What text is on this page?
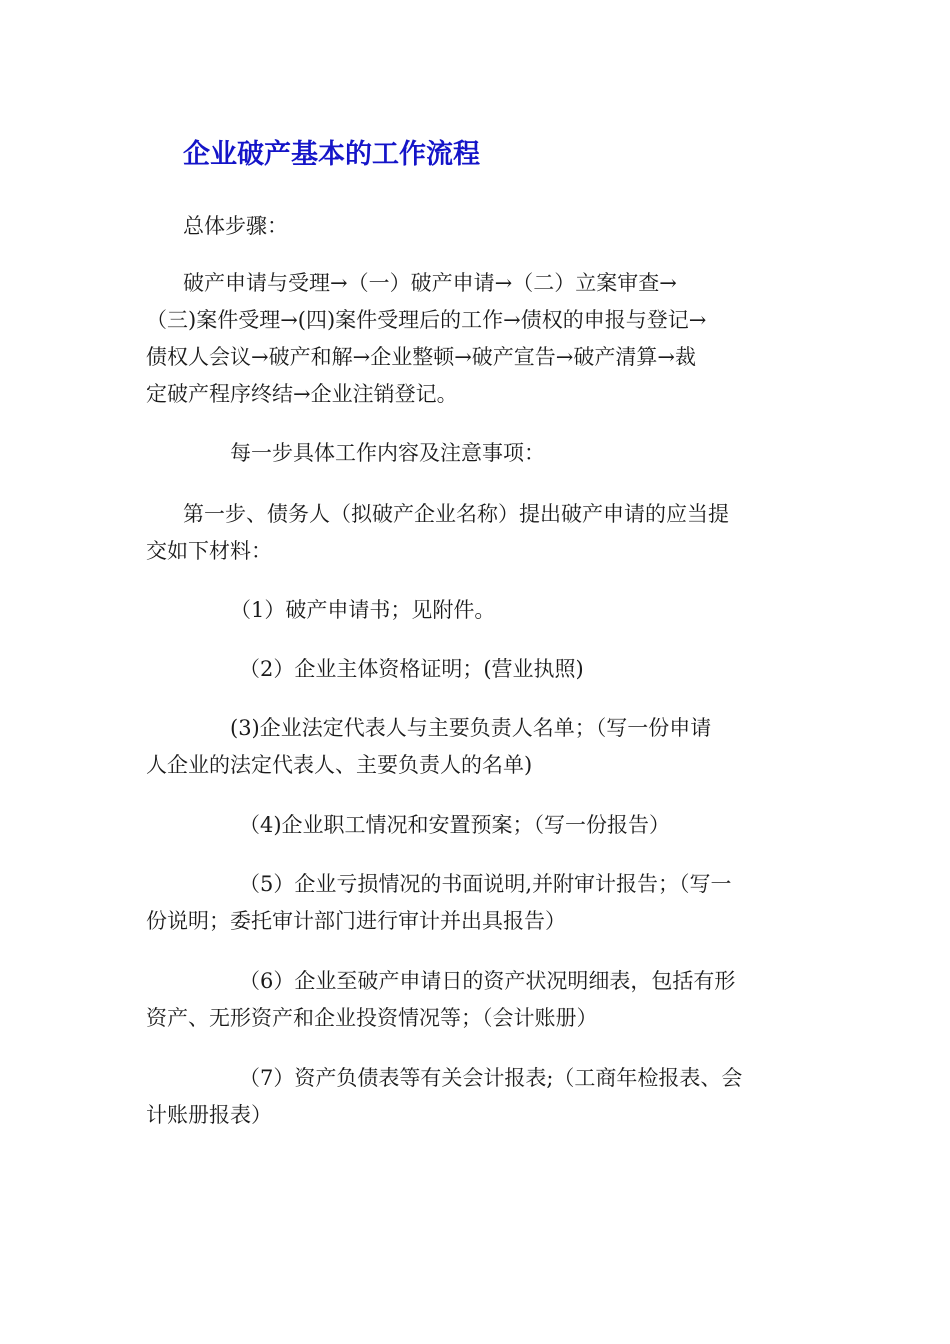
企业破产基本的工作流程

总体步骤：

破产申请与受理→（一）破产申请→（二）立案审查→
（三)案件受理→(四)案件受理后的工作→债权的申报与登记→
债权人会议→破产和解→企业整顿→破产宣告→破产清算→裁
定破产程序终结→企业注销登记。

每一步具体工作内容及注意事项：

第一步、债务人（拟破产企业名称）提出破产申请的应当提
交如下材料：

（1）破产申请书；见附件。

（2）企业主体资格证明；(营业执照)

(3)企业法定代表人与主要负责人名单；（写一份申请
人企业的法定代表人、主要负责人的名单)

（4)企业职工情况和安置预案；（写一份报告）

（5）企业亏损情况的书面说明,并附审计报告；（写一
份说明；委托审计部门进行审计并出具报告）

（6）企业至破产申请日的资产状况明细表，包括有形
资产、无形资产和企业投资情况等；（会计账册）

（7）资产负债表等有关会计报表;（工商年检报表、会
计账册报表）
